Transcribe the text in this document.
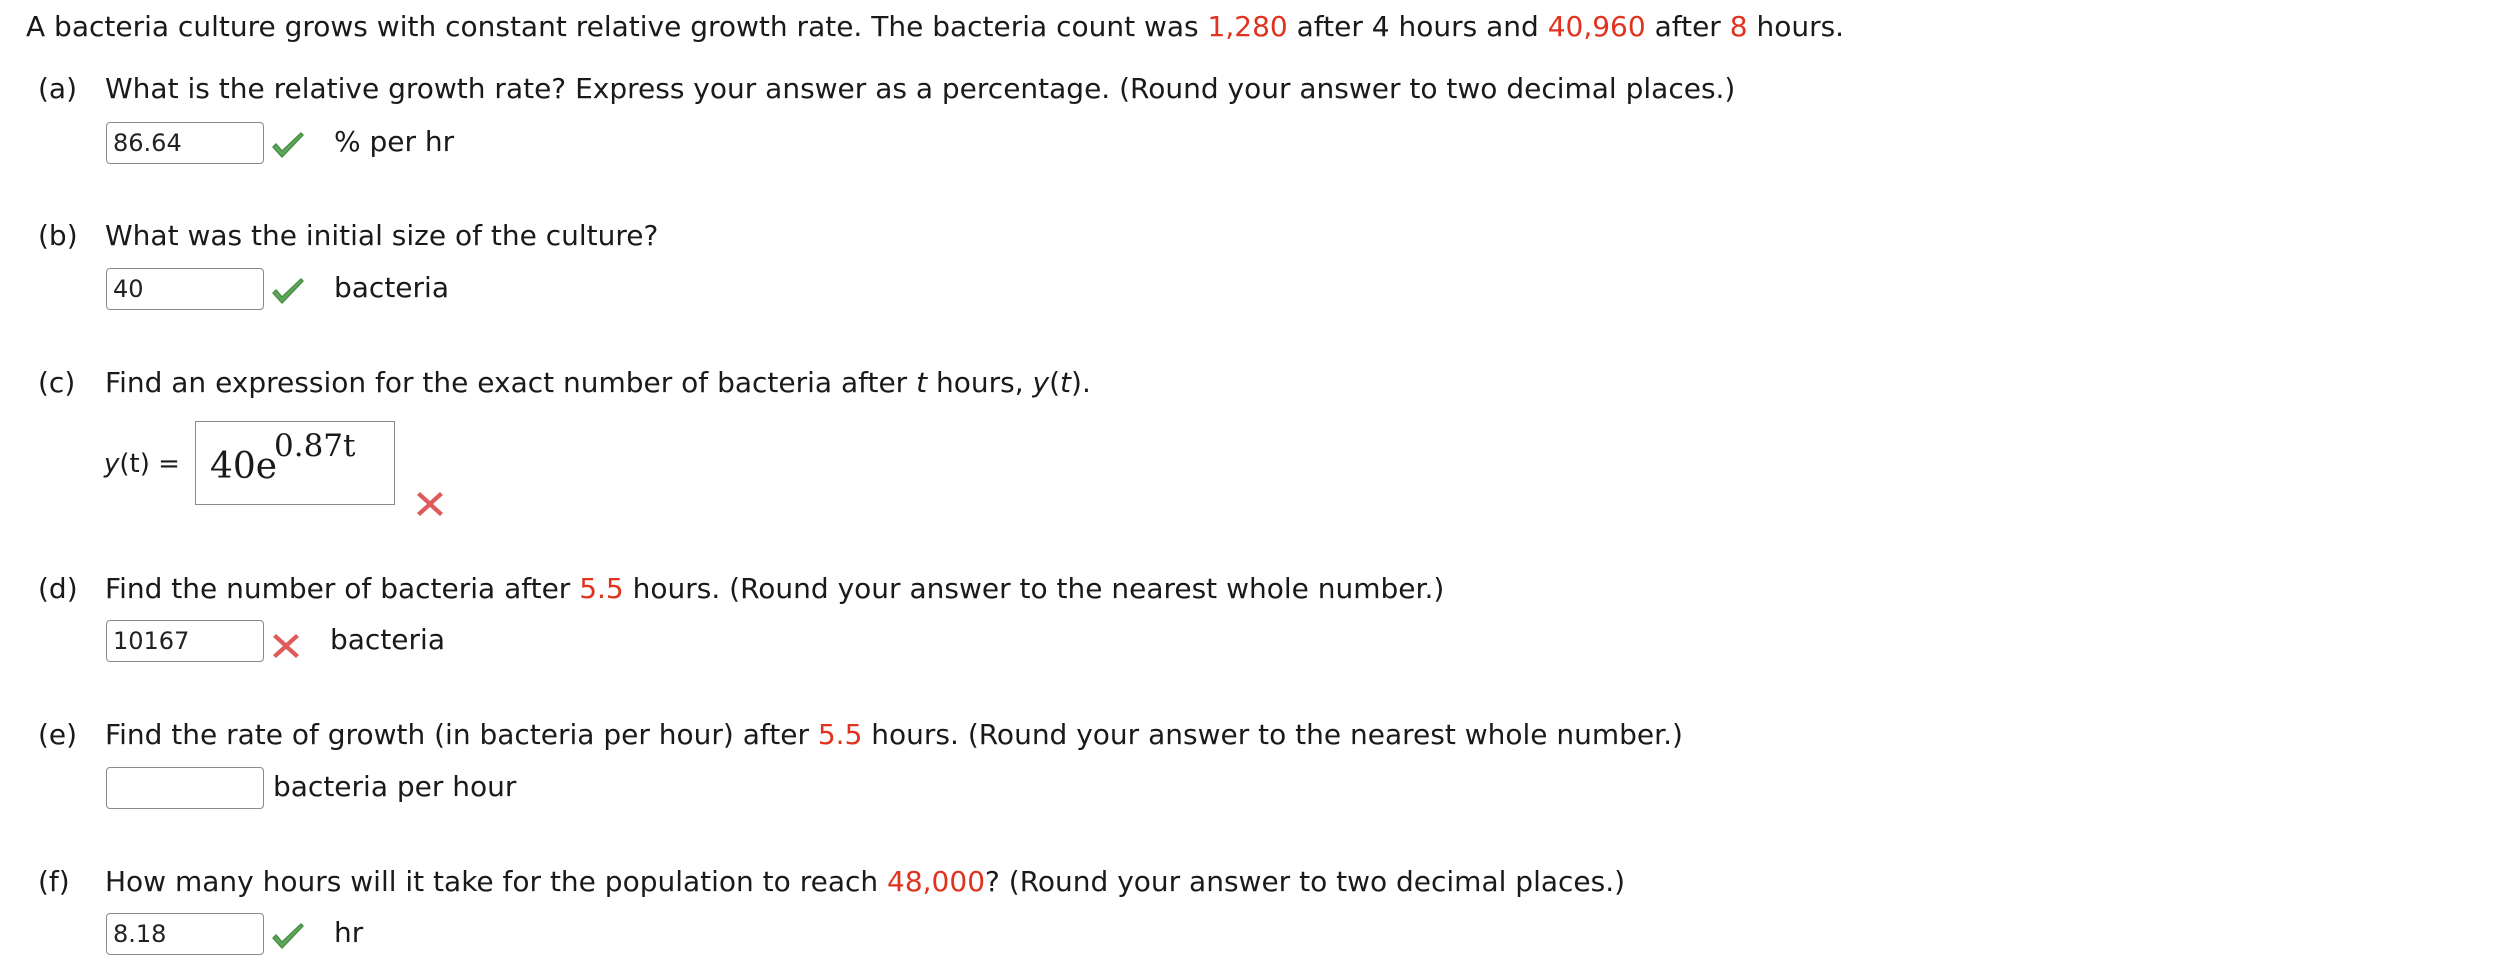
A bacteria culture grows with constant relative growth rate. The bacteria count was 1,280 after 4 hours and 40,960 after 8 hours.
(a) What is the relative growth rate? Express your answer as a percentage. (Round your answer to two decimal places.)
86.64	% per hr
(b) What was the initial size of the culture?
40	bacteria
(c) Find an expression for the exact number of bacteria after t hours, y(t).
y(t) = 40e
0.87t
(d) Find the number of bacteria after 5.5 hours. (Round your answer to the nearest whole number.)
10167	bacteria
(e) Find the rate of growth (in bacteria per hour) after 5.5 hours. (Round your answer to the nearest whole number.)
bacteria per hour
(f) How many hours will it take for the population to reach 48,000? (Round your answer to two decimal places.)
8.18	hr
